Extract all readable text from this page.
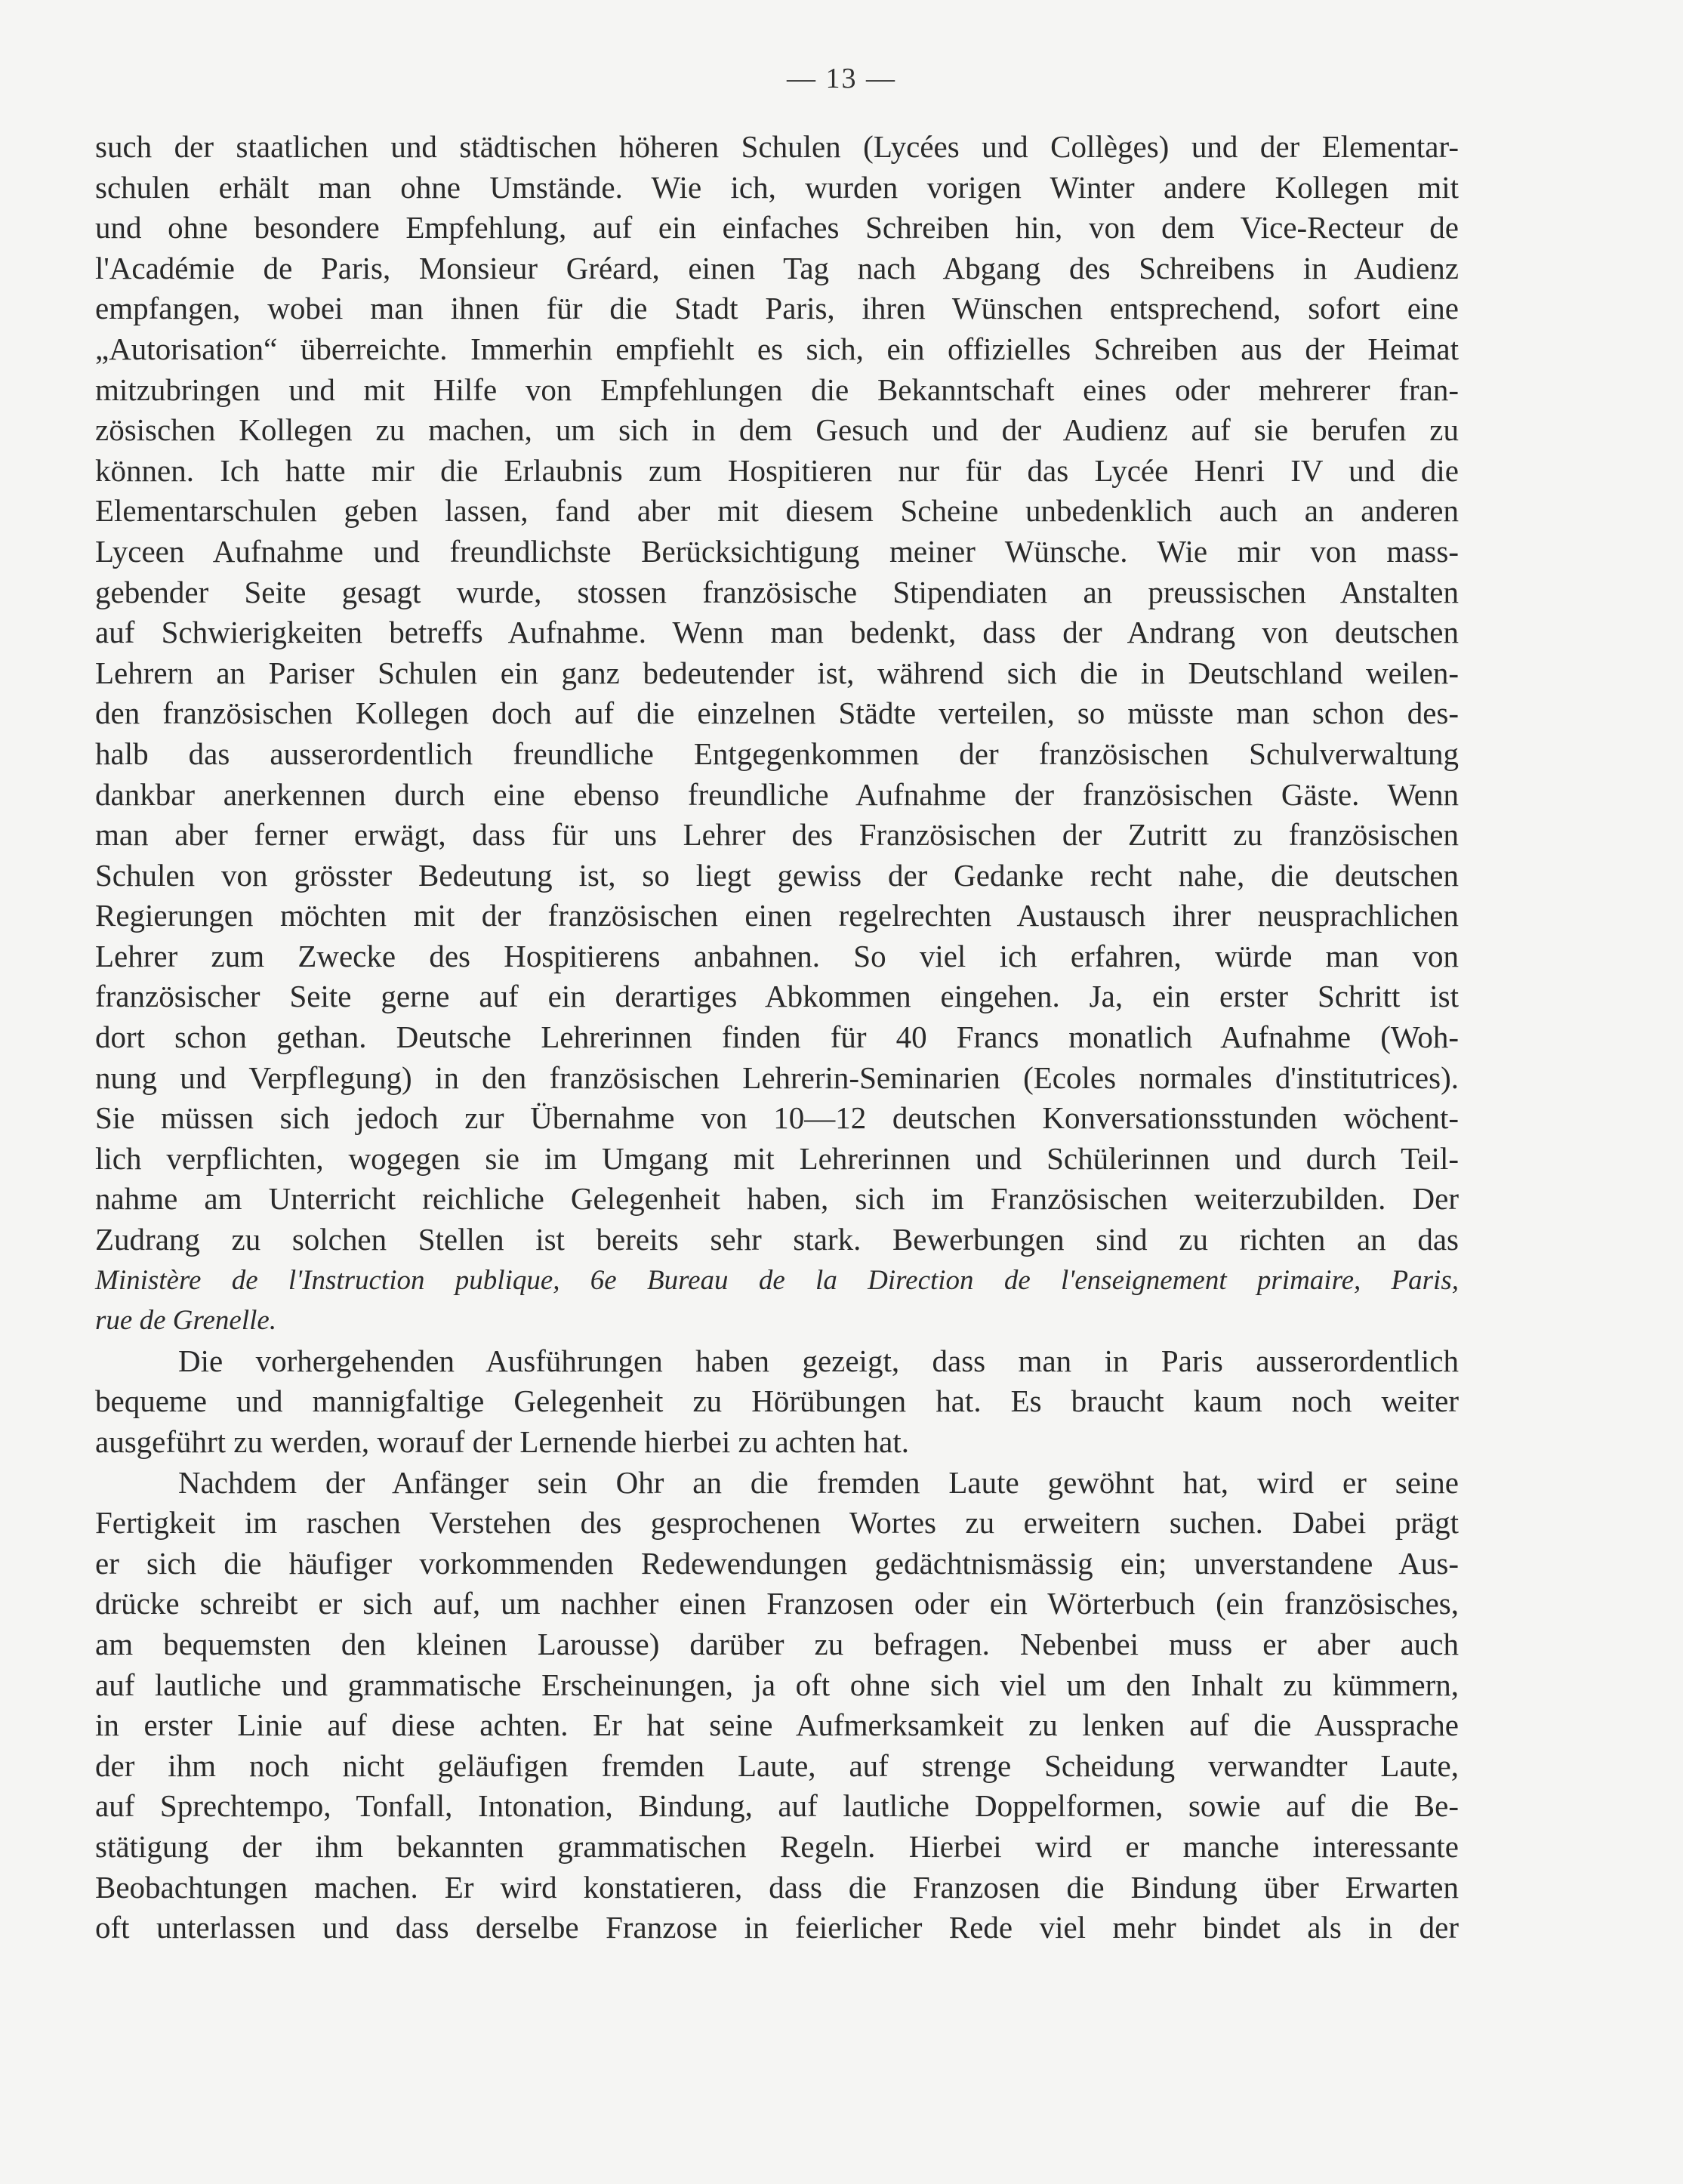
— 13 —

such der staatlichen und städtischen höheren Schulen (Lycées und Collèges) und der Elementar-
schulen erhält man ohne Umstände. Wie ich, wurden vorigen Winter andere Kollegen mit
und ohne besondere Empfehlung, auf ein einfaches Schreiben hin, von dem Vice-Recteur de
l'Académie de Paris, Monsieur Gréard, einen Tag nach Abgang des Schreibens in Audienz
empfangen, wobei man ihnen für die Stadt Paris, ihren Wünschen entsprechend, sofort eine
„Autorisation“ überreichte. Immerhin empfiehlt es sich, ein offizielles Schreiben aus der Heimat
mitzubringen und mit Hilfe von Empfehlungen die Bekanntschaft eines oder mehrerer fran-
zösischen Kollegen zu machen, um sich in dem Gesuch und der Audienz auf sie berufen zu
können. Ich hatte mir die Erlaubnis zum Hospitieren nur für das Lycée Henri IV und die
Elementarschulen geben lassen, fand aber mit diesem Scheine unbedenklich auch an anderen
Lyceen Aufnahme und freundlichste Berücksichtigung meiner Wünsche. Wie mir von mass-
gebender Seite gesagt wurde, stossen französische Stipendiaten an preussischen Anstalten
auf Schwierigkeiten betreffs Aufnahme. Wenn man bedenkt, dass der Andrang von deutschen
Lehrern an Pariser Schulen ein ganz bedeutender ist, während sich die in Deutschland weilen-
den französischen Kollegen doch auf die einzelnen Städte verteilen, so müsste man schon des-
halb das ausserordentlich freundliche Entgegenkommen der französischen Schulverwaltung
dankbar anerkennen durch eine ebenso freundliche Aufnahme der französischen Gäste. Wenn
man aber ferner erwägt, dass für uns Lehrer des Französischen der Zutritt zu französischen
Schulen von grösster Bedeutung ist, so liegt gewiss der Gedanke recht nahe, die deutschen
Regierungen möchten mit der französischen einen regelrechten Austausch ihrer neusprachlichen
Lehrer zum Zwecke des Hospitierens anbahnen. So viel ich erfahren, würde man von
französischer Seite gerne auf ein derartiges Abkommen eingehen. Ja, ein erster Schritt ist
dort schon gethan. Deutsche Lehrerinnen finden für 40 Francs monatlich Aufnahme (Woh-
nung und Verpflegung) in den französischen Lehrerin-Seminarien (Ecoles normales d'institutrices).
Sie müssen sich jedoch zur Übernahme von 10—12 deutschen Konversationsstunden wöchent-
lich verpflichten, wogegen sie im Umgang mit Lehrerinnen und Schülerinnen und durch Teil-
nahme am Unterricht reichliche Gelegenheit haben, sich im Französischen weiterzubilden. Der
Zudrang zu solchen Stellen ist bereits sehr stark. Bewerbungen sind zu richten an das
Ministère de l'Instruction publique, 6e Bureau de la Direction de l'enseignement primaire, Paris,
rue de Grenelle.

Die vorhergehenden Ausführungen haben gezeigt, dass man in Paris ausserordentlich
bequeme und mannigfaltige Gelegenheit zu Hörübungen hat. Es braucht kaum noch weiter
ausgeführt zu werden, worauf der Lernende hierbei zu achten hat.

Nachdem der Anfänger sein Ohr an die fremden Laute gewöhnt hat, wird er seine
Fertigkeit im raschen Verstehen des gesprochenen Wortes zu erweitern suchen. Dabei prägt
er sich die häufiger vorkommenden Redewendungen gedächtnismässig ein; unverstandene Aus-
drücke schreibt er sich auf, um nachher einen Franzosen oder ein Wörterbuch (ein französisches,
am bequemsten den kleinen Larousse) darüber zu befragen. Nebenbei muss er aber auch
auf lautliche und grammatische Erscheinungen, ja oft ohne sich viel um den Inhalt zu kümmern,
in erster Linie auf diese achten. Er hat seine Aufmerksamkeit zu lenken auf die Aussprache
der ihm noch nicht geläufigen fremden Laute, auf strenge Scheidung verwandter Laute,
auf Sprechtempo, Tonfall, Intonation, Bindung, auf lautliche Doppelformen, sowie auf die Be-
stätigung der ihm bekannten grammatischen Regeln. Hierbei wird er manche interessante
Beobachtungen machen. Er wird konstatieren, dass die Franzosen die Bindung über Erwarten
oft unterlassen und dass derselbe Franzose in feierlicher Rede viel mehr bindet als in der
